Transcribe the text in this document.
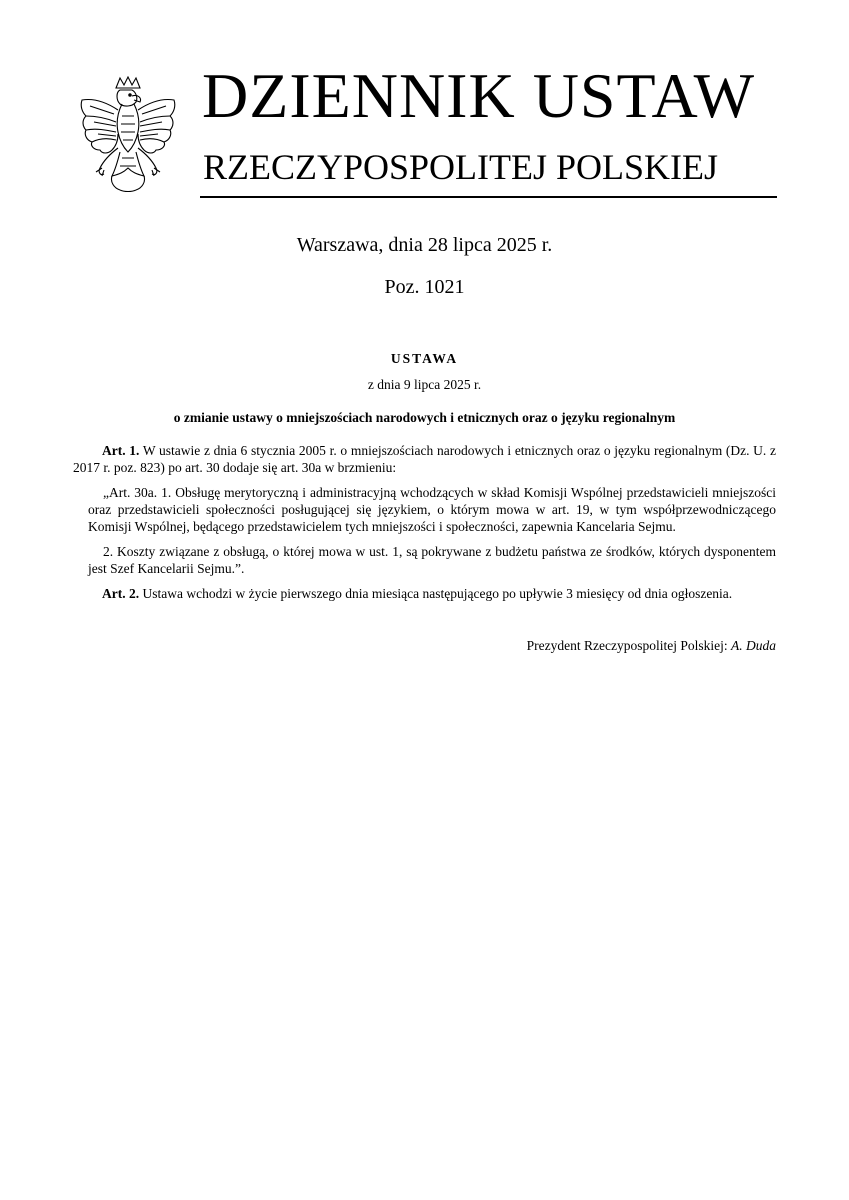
DZIENNIK USTAW
RZECZYPOSPOLITEJ POLSKIEJ
Warszawa, dnia 28 lipca 2025 r.
Poz. 1021
USTAWA
z dnia 9 lipca 2025 r.
o zmianie ustawy o mniejszościach narodowych i etnicznych oraz o języku regionalnym

Art. 1. W ustawie z dnia 6 stycznia 2005 r. o mniejszościach narodowych i etnicznych oraz o języku regionalnym (Dz. U. z 2017 r. poz. 823) po art. 30 dodaje się art. 30a w brzmieniu:

„Art. 30a. 1. Obsługę merytoryczną i administracyjną wchodzących w skład Komisji Wspólnej przedstawicieli mniejszości oraz przedstawicieli społeczności posługującej się językiem, o którym mowa w art. 19, w tym współprzewodniczącego Komisji Wspólnej, będącego przedstawicielem tych mniejszości i społeczności, zapewnia Kancelaria Sejmu.

2. Koszty związane z obsługą, o której mowa w ust. 1, są pokrywane z budżetu państwa ze środków, których dysponentem jest Szef Kancelarii Sejmu.”.

Art. 2. Ustawa wchodzi w życie pierwszego dnia miesiąca następującego po upływie 3 miesięcy od dnia ogłoszenia.

Prezydent Rzeczypospolitej Polskiej: A. Duda
